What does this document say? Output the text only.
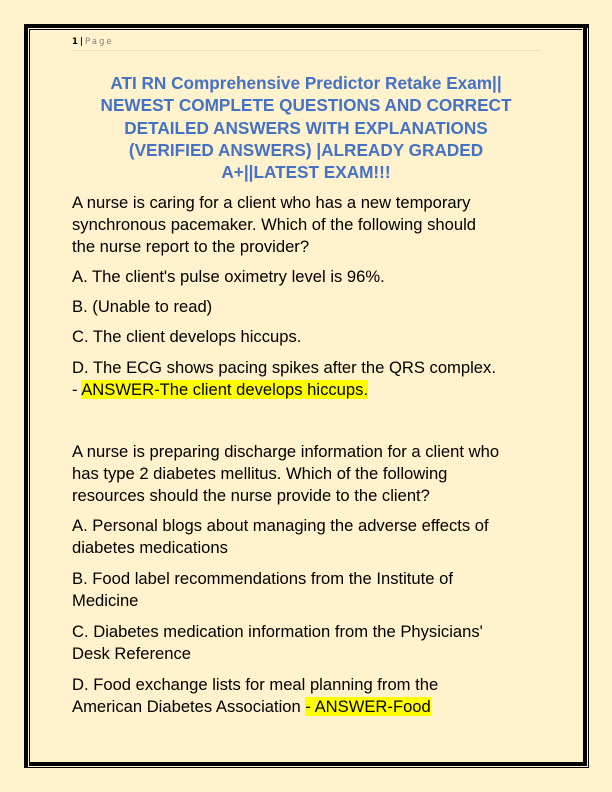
1 | Page
ATI RN Comprehensive Predictor Retake Exam||
NEWEST COMPLETE QUESTIONS AND CORRECT
DETAILED ANSWERS WITH EXPLANATIONS
(VERIFIED ANSWERS) |ALREADY GRADED
A+||LATEST EXAM!!!
A nurse is caring for a client who has a new temporary
synchronous pacemaker. Which of the following should
the nurse report to the provider?
A. The client's pulse oximetry level is 96%.
B. (Unable to read)
C. The client develops hiccups.
D. The ECG shows pacing spikes after the QRS complex.
- ANSWER-The client develops hiccups.
A nurse is preparing discharge information for a client who
has type 2 diabetes mellitus. Which of the following
resources should the nurse provide to the client?
A. Personal blogs about managing the adverse effects of
diabetes medications
B. Food label recommendations from the Institute of
Medicine
C. Diabetes medication information from the Physicians'
Desk Reference
D. Food exchange lists for meal planning from the
American Diabetes Association - ANSWER-Food
